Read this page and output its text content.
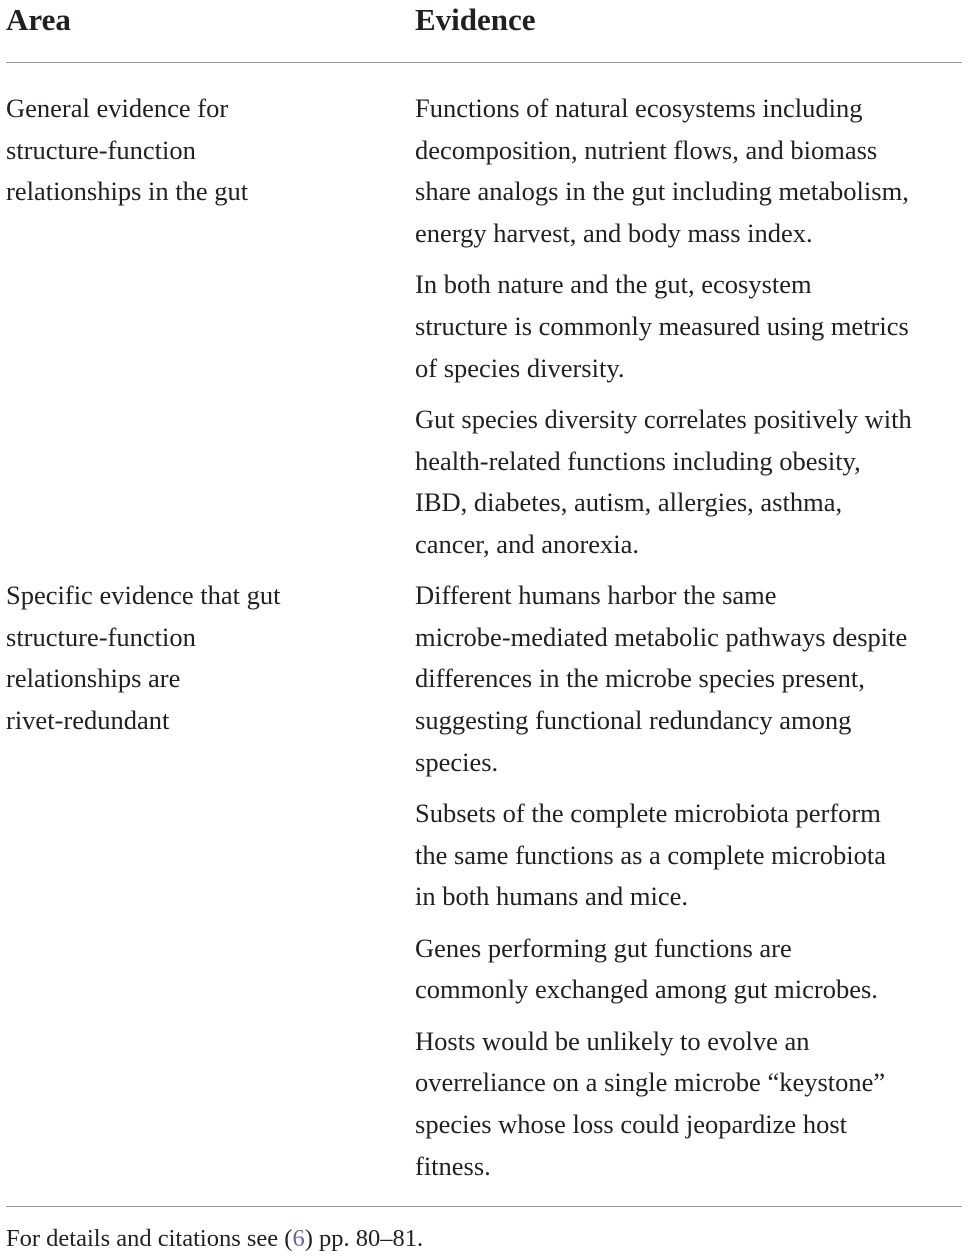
Area	Evidence
General evidence for
structure-function
relationships in the gut

Functions of natural ecosystems including
decomposition, nutrient flows, and biomass
share analogs in the gut including metabolism,
energy harvest, and body mass index.

In both nature and the gut, ecosystem
structure is commonly measured using metrics
of species diversity.

Gut species diversity correlates positively with
health-related functions including obesity,
IBD, diabetes, autism, allergies, asthma,
cancer, and anorexia.

Specific evidence that gut
structure-function
relationships are
rivet-redundant

Different humans harbor the same
microbe-mediated metabolic pathways despite
differences in the microbe species present,
suggesting functional redundancy among
species.

Subsets of the complete microbiota perform
the same functions as a complete microbiota
in both humans and mice.

Genes performing gut functions are
commonly exchanged among gut microbes.

Hosts would be unlikely to evolve an
overreliance on a single microbe “keystone”
species whose loss could jeopardize host
fitness.

For details and citations see (6) pp. 80–81.
